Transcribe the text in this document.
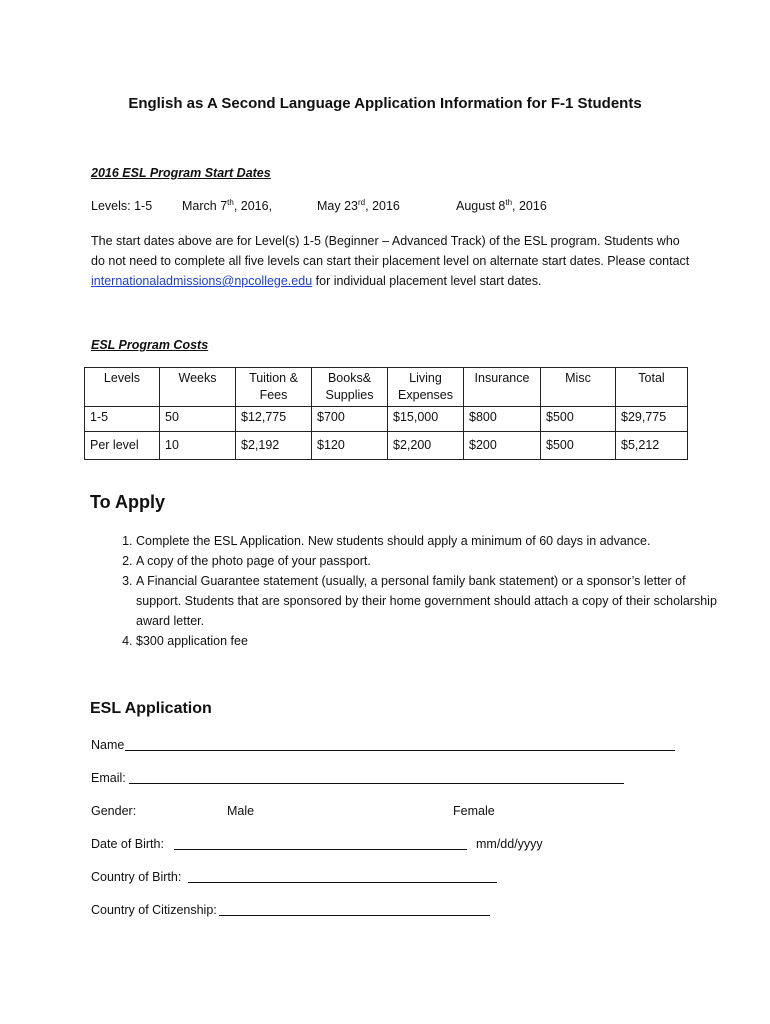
English as A Second Language Application Information for F-1 Students
2016 ESL Program Start Dates
Levels: 1-5 March 7th, 2016,	May 23rd, 2016	August 8th, 2016
The start dates above are for Level(s) 1-5 (Beginner – Advanced Track) of the ESL program. Students who do not need to complete all five levels can start their placement level on alternate start dates. Please contact internationaladmissions@npcollege.edu for individual placement level start dates.
ESL Program Costs
Levels	Weeks	Tuition & Fees	Books& Supplies	Living Expenses	Insurance	Misc	Total
1-5	50	$12,775	$700	$15,000	$800	$500	$29,775
Per level	10	$2,192	$120	$2,200	$200	$500	$5,212
To Apply
1. Complete the ESL Application. New students should apply a minimum of 60 days in advance.
2. A copy of the photo page of your passport.
3. A Financial Guarantee statement (usually, a personal family bank statement) or a sponsor’s letter of support. Students that are sponsored by their home government should attach a copy of their scholarship award letter.
4. $300 application fee
ESL Application
Name
Email:
Gender:	Male	Female
Date of Birth:	mm/dd/yyyy
Country of Birth:
Country of Citizenship:
